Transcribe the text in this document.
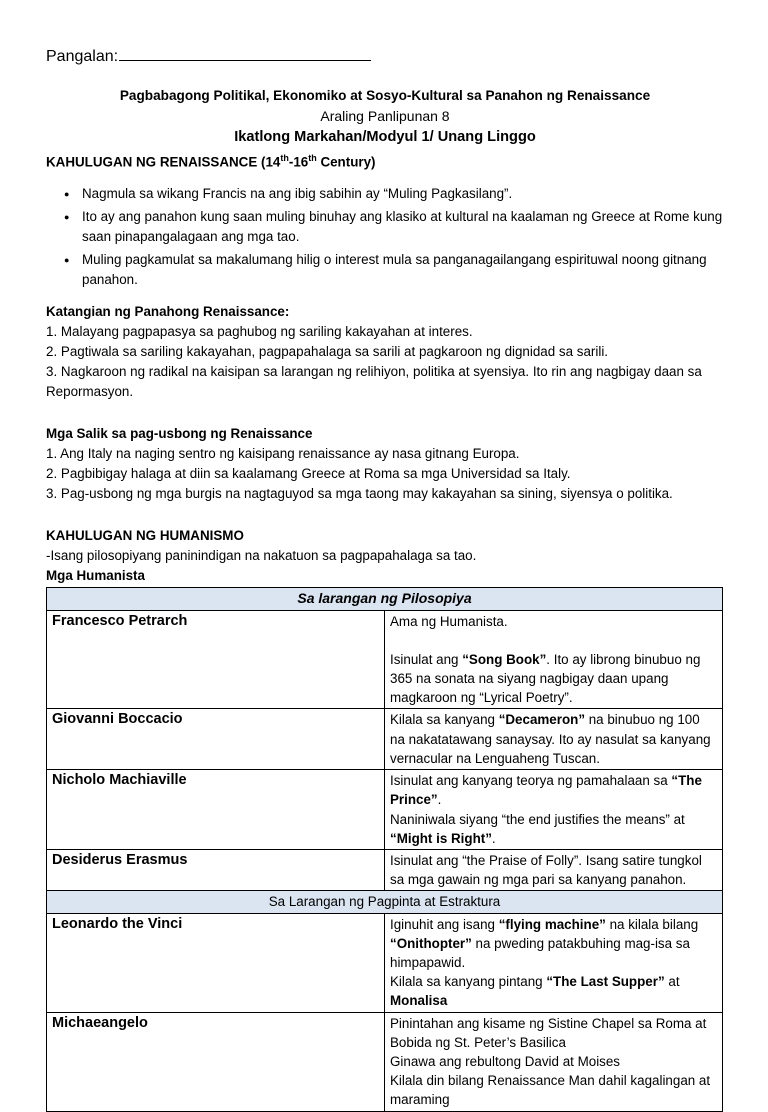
Pangalan:
Pagbabagong Politikal, Ekonomiko at Sosyo-Kultural sa Panahon ng Renaissance
Araling Panlipunan 8
Ikatlong Markahan/Modyul 1/ Unang Linggo
KAHULUGAN NG RENAISSANCE (14th-16th Century)
● Nagmula sa wikang Francis na ang ibig sabihin ay “Muling Pagkasilang”.
● Ito ay ang panahon kung saan muling binuhay ang klasiko at kultural na kaalaman ng Greece at Rome kung saan pinapangalagaan ang mga tao.
● Muling pagkamulat sa makalumang hilig o interest mula sa panganagailangang espirituwal noong gitnang panahon.

Katangian ng Panahong Renaissance:

1. Malayang pagpapasya sa paghubog ng sariling kakayahan at interes.

2. Pagtiwala sa sariling kakayahan, pagpapahalaga sa sarili at pagkaroon ng dignidad sa sarili.

3. Nagkaroon ng radikal na kaisipan sa larangan ng relihiyon, politika at syensiya. Ito rin ang nagbigay daan sa Repormasyon.

Mga Salik sa pag-usbong ng Renaissance

1. Ang Italy na naging sentro ng kaisipang renaissance ay nasa gitnang Europa.

2. Pagbibigay halaga at diin sa kaalamang Greece at Roma sa mga Universidad sa Italy.

3. Pag-usbong ng mga burgis na nagtaguyod sa mga taong may kakayahan sa sining, siyensya o politika.

KAHULUGAN NG HUMANISMO

-Isang pilosopiyang paninindigan na nakatuon sa pagpapahalaga sa tao.

Mga Humanista

Sa larangan ng Pilosopiya	
Francesco Petrarch	Ama ng Humanista.
Isinulat ang “Song Book”. Ito ay librong binubuo ng 365 na sonata na siyang nagbigay daan upang magkaroon ng “Lyrical Poetry”.

Giovanni Boccacio	Kilala sa kanyang “Decameron” na binubuo ng 100 na nakatatawang sanaysay. Ito ay nasulat sa kanyang vernacular na Lenguaheng Tuscan.
Nicholo Machiaville	Isinulat ang kanyang teorya ng pamahalaan sa “The Prince”.
Naniniwala siyang “the end justifies the means” at “Might is Right”.

Desiderus Erasmus	Isinulat ang “the Praise of Folly”. Isang satire tungkol sa mga gawain ng mga pari sa kanyang panahon.
Sa Larangan ng Pagpinta at Estraktura	
Leonardo the Vinci	Iginuhit ang isang “flying machine” na kilala bilang “Onithopter” na pweding patakbuhing mag-isa sa himpapawid.
Kilala sa kanyang pintang “The Last Supper” at Monalisa

Michaeangelo	Pinintahan ang kisame ng Sistine Chapel sa Roma at Bobida ng St. Peter’s Basilica
Ginawa ang rebultong David at Moises
Kilala din bilang Renaissance Man dahil kagalingan at maraming
